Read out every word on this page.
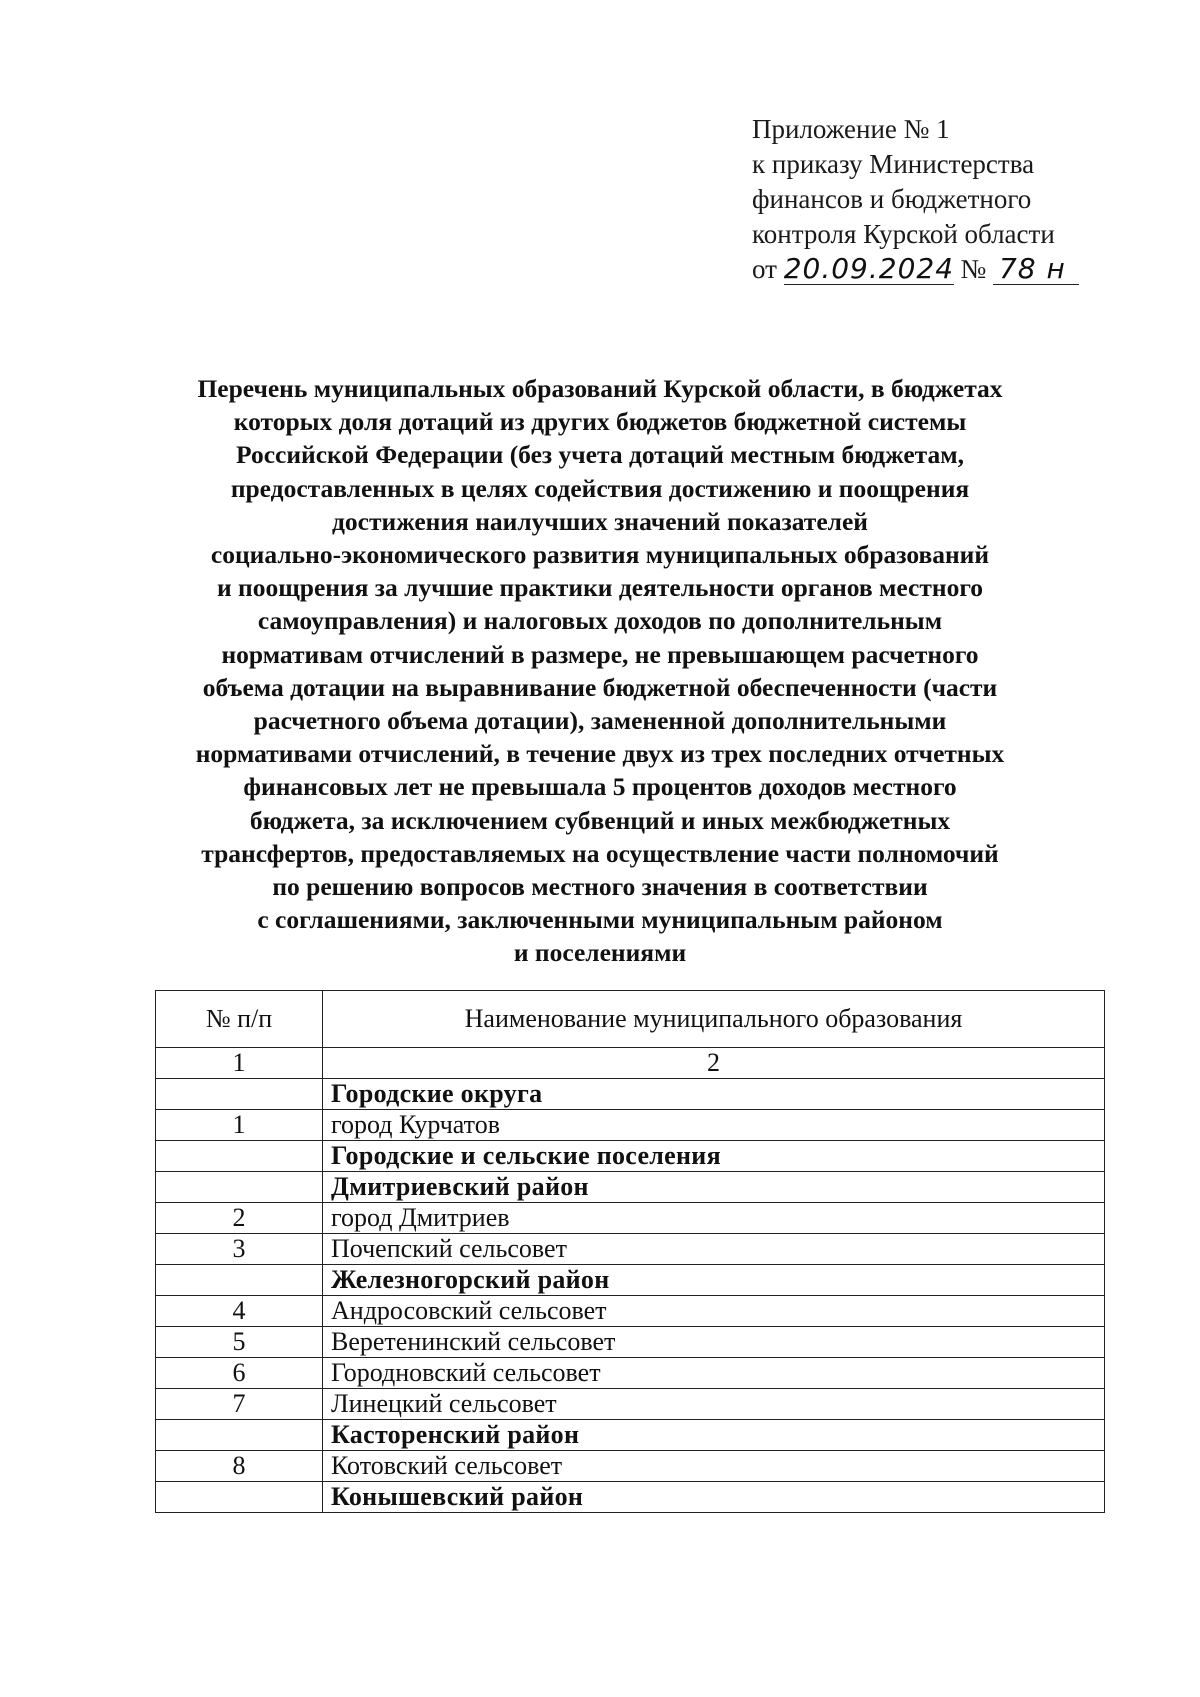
Приложение № 1
к приказу Министерства
финансов и бюджетного
контроля Курской области
от 20.09.2024 № 78 н
Перечень муниципальных образований Курской области, в бюджетах
которых доля дотаций из других бюджетов бюджетной системы
Российской Федерации (без учета дотаций местным бюджетам,
предоставленных в целях содействия достижению и поощрения
достижения наилучших значений показателей
социально-экономического развития муниципальных образований
и поощрения за лучшие практики деятельности органов местного
самоуправления) и налоговых доходов по дополнительным
нормативам отчислений в размере, не превышающем расчетного
объема дотации на выравнивание бюджетной обеспеченности (части
расчетного объема дотации), замененной дополнительными
нормативами отчислений, в течение двух из трех последних отчетных
финансовых лет не превышала 5 процентов доходов местного
бюджета, за исключением субвенций и иных межбюджетных
трансфертов, предоставляемых на осуществление части полномочий
по решению вопросов местного значения в соответствии
с соглашениями, заключенными муниципальным районом
и поселениями
№ п/п	Наименование муниципального образования
1	2
	Городские округа
1	город Курчатов
	Городские и сельские поселения
	Дмитриевский район
2	город Дмитриев
3	Почепский сельсовет
	Железногорский район
4	Андросовский сельсовет
5	Веретенинский сельсовет
6	Городновский сельсовет
7	Линецкий сельсовет
	Касторенский район
8	Котовский сельсовет
	Конышевский район
